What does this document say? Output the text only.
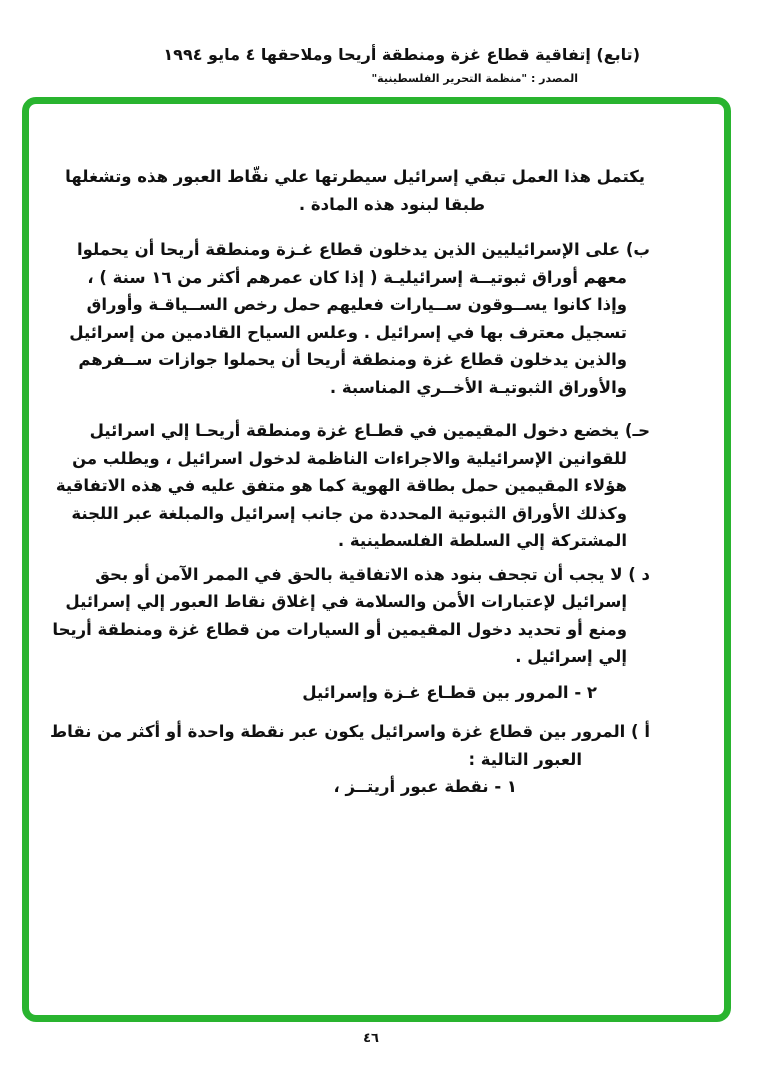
(تابع) إتفاقية قطاع غزة ومنطقة أريحا وملاحقها ٤ مايو ١٩٩٤
المصدر : "منظمة التحرير الفلسطينية"
يكتمل هذا العمل تبقي إسرائيل سيطرتها علي نقّاط العبور هذه وتشغلها
طبقا لبنود هذه المادة .
ب) على الإسرائيليين الذين يدخلون قطاع غـزة ومنطقة أريحا أن يحملوا
معهم أوراق ثبوتيــة إسرائيليـة ( إذا كان عمرهم أكثر من ١٦ سنة ) ،
وإذا كانوا يســوقون ســيارات فعليهم حمل رخص الســياقـة وأوراق
تسجيل معترف بها في إسرائيل . وعلس السياح القادمين من إسرائيل
والذين يدخلون قطاع غزة ومنطقة أريحا أن يحملوا جوازات ســفرهم
والأوراق الثبوتيـة الأخــري المناسبة .
حـ) يخضع دخول المقيمين في قطـاع غزة ومنطقة أريحـا إلي اسرائيل
للقوانين الإسرائيلية والاجراءات الناظمة لدخول اسرائيل ، ويطلب من
هؤلاء المقيمين حمل بطاقة الهوية كما هو متفق عليه في هذه الاتفاقية
وكذلك الأوراق الثبوتية المحددة من جانب إسرائيل والمبلغة عبر اللجنة
المشتركة إلي السلطة الفلسطينية .
د ) لا يجب أن تجحف بنود هذه الاتفاقية بالحق في الممر الآمن أو بحق
إسرائيل لإعتبارات الأمن والسلامة في إغلاق نقاط العبور إلي إسرائيل
ومنع أو تحديد دخول المقيمين أو السيارات من قطاع غزة ومنطقة أريحا
إلي إسرائيل .
٢ - المرور بين قطـاع غـزة وإسرائيل
أ ) المرور بين قطاع غزة واسرائيل يكون عبر نقطة واحدة أو أكثر من نقاط
العبور التالية :
١ - نقطة عبور أريتــز ،
٤٦
